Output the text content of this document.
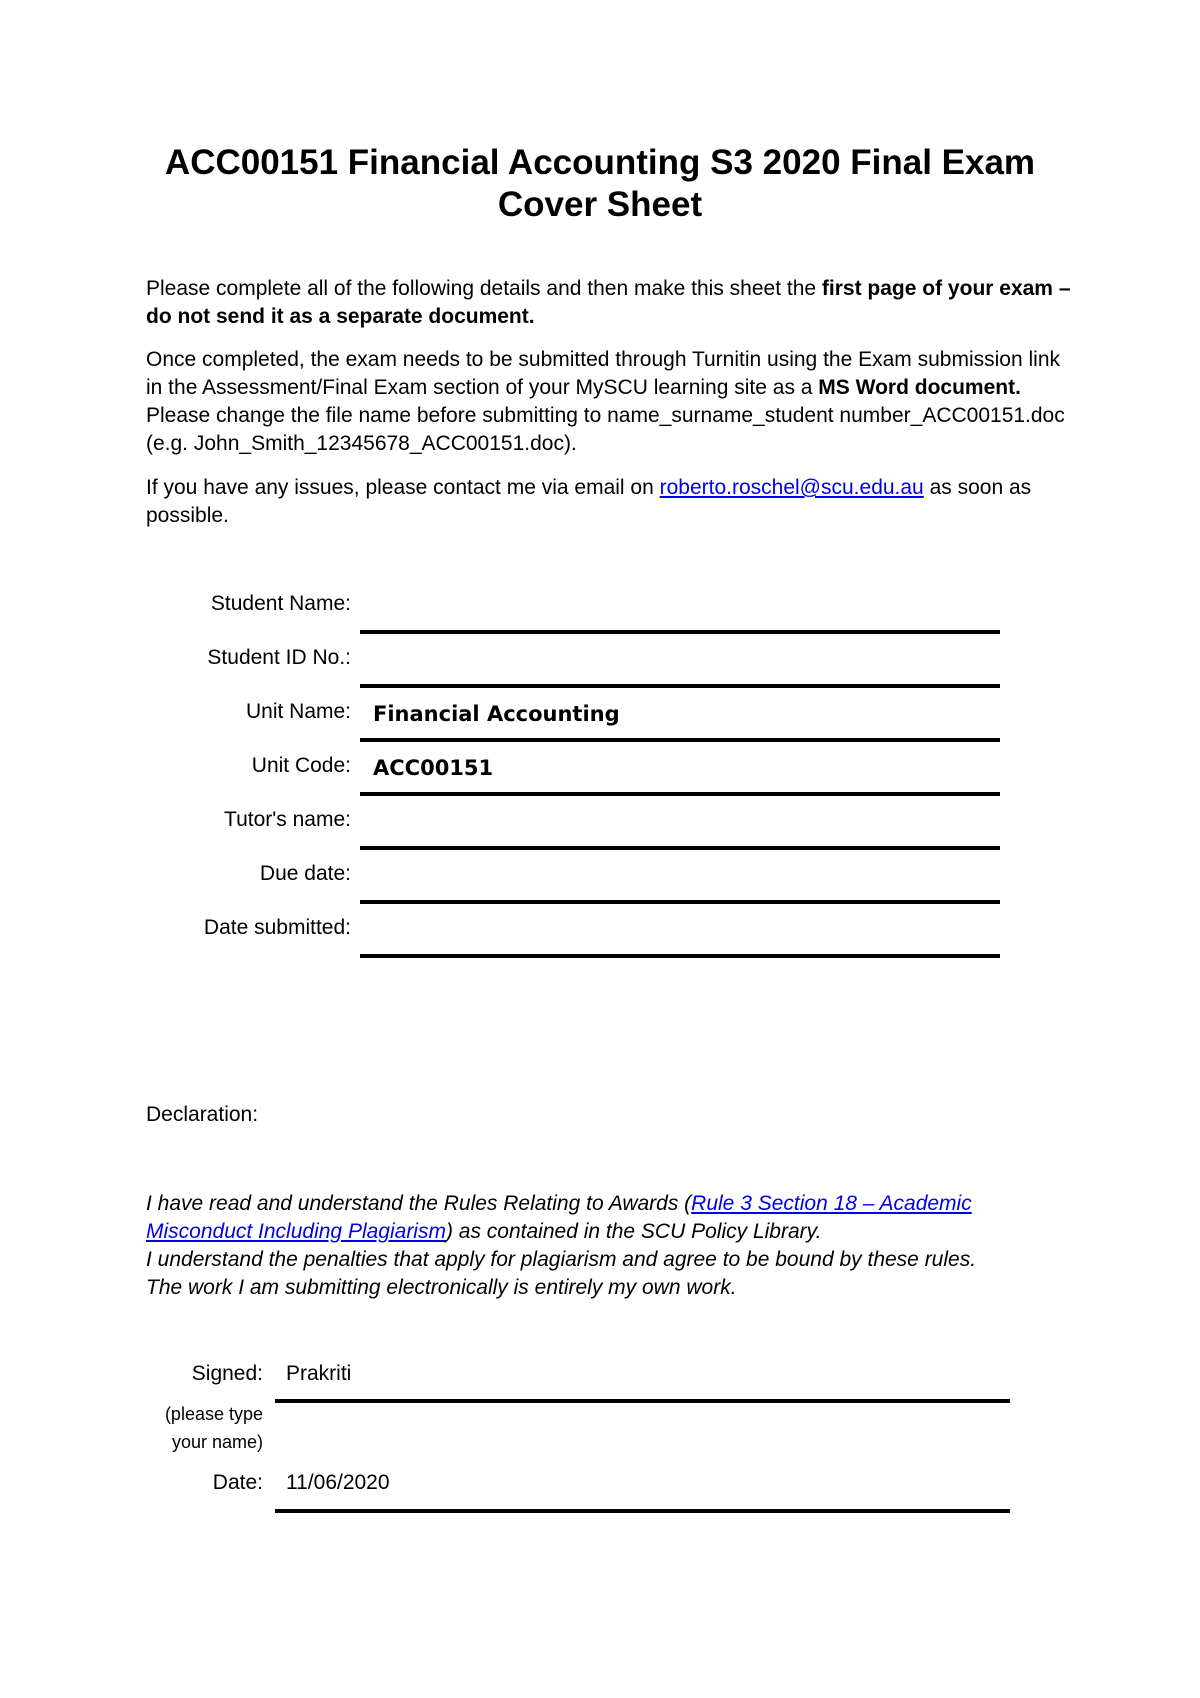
ACC00151 Financial Accounting S3 2020 Final Exam
Cover Sheet

Please complete all of the following details and then make this sheet the first page of your exam – do not send it as a separate document.

Once completed, the exam needs to be submitted through Turnitin using the Exam submission link in the Assessment/Final Exam section of your MySCU learning site as a MS Word document. Please change the file name before submitting to name_surname_student number_ACC00151.doc (e.g. John_Smith_12345678_ACC00151.doc).

If you have any issues, please contact me via email on roberto.roschel@scu.edu.au as soon as possible.

Student Name:
Student ID No.:
Unit Name: Financial Accounting
Unit Code: ACC00151
Tutor's name:
Due date:
Date submitted:

Declaration:

I have read and understand the Rules Relating to Awards (Rule 3 Section 18 – Academic Misconduct Including Plagiarism) as contained in the SCU Policy Library.
I understand the penalties that apply for plagiarism and agree to be bound by these rules.
The work I am submitting electronically is entirely my own work.

Signed: Prakriti
(please type
your name)
Date: 11/06/2020
